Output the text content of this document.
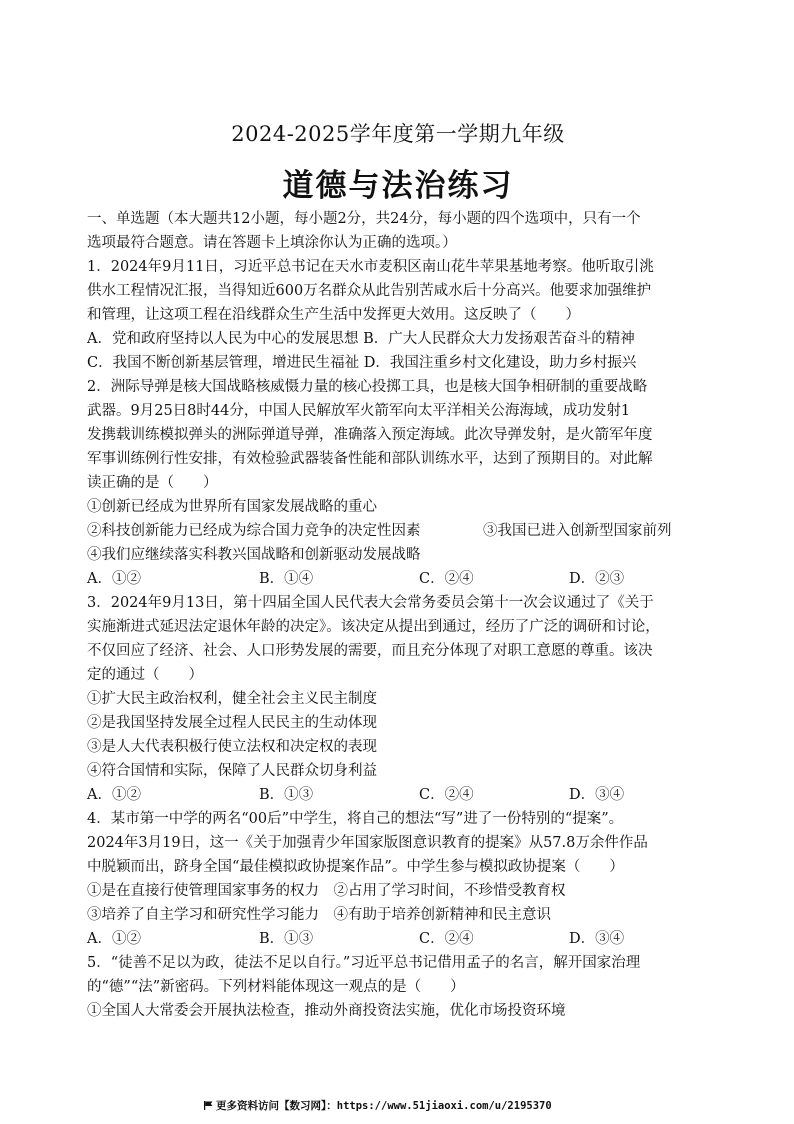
2024-2025学年度第一学期九年级
道德与法治练习
一、单选题（本大题共12小题，每小题2分，共24分，每小题的四个选项中，只有一个
选项最符合题意。请在答题卡上填涂你认为正确的选项。）
1．2024年9月11日，习近平总书记在天水市麦积区南山花牛苹果基地考察。他听取引洮
供水工程情况汇报，当得知近600万名群众从此告别苦咸水后十分高兴。他要求加强维护
和管理，让这项工程在沿线群众生产生活中发挥更大效用。这反映了（　　）
A．党和政府坚持以人民为中心的发展思想 B．广大人民群众大力发扬艰苦奋斗的精神
C．我国不断创新基层管理，增进民生福祉 D．我国注重乡村文化建设，助力乡村振兴
2．洲际导弹是核大国战略核威慑力量的核心投掷工具，也是核大国争相研制的重要战略
武器。9月25日8时44分，中国人民解放军火箭军向太平洋相关公海海域，成功发射1
发携载训练模拟弹头的洲际弹道导弹，准确落入预定海域。此次导弹发射，是火箭军年度
军事训练例行性安排，有效检验武器装备性能和部队训练水平，达到了预期目的。对此解
读正确的是（　　）
①创新已经成为世界所有国家发展战略的重心
②科技创新能力已经成为综合国力竞争的决定性因素	③我国已进入创新型国家前列
④我们应继续落实科教兴国战略和创新驱动发展战略
A．①②	B．①④	C．②④	D．②③
3．2024年9月13日，第十四届全国人民代表大会常务委员会第十一次会议通过了《关于
实施渐进式延迟法定退休年龄的决定》。该决定从提出到通过，经历了广泛的调研和讨论，
不仅回应了经济、社会、人口形势发展的需要，而且充分体现了对职工意愿的尊重。该决
定的通过（　　）
①扩大民主政治权利，健全社会主义民主制度
②是我国坚持发展全过程人民民主的生动体现
③是人大代表积极行使立法权和决定权的表现
④符合国情和实际，保障了人民群众切身利益
A．①②	B．①③	C．②④	D．③④
4．某市第一中学的两名“00后”中学生，将自己的想法“写”进了一份特别的“提案”。
2024年3月19日，这一《关于加强青少年国家版图意识教育的提案》从57.8万余件作品
中脱颖而出，跻身全国“最佳模拟政协提案作品”。中学生参与模拟政协提案（　　）
①是在直接行使管理国家事务的权力　②占用了学习时间，不珍惜受教育权
③培养了自主学习和研究性学习能力　④有助于培养创新精神和民主意识
A．①②	B．①③	C．②④	D．③④
5．“徒善不足以为政，徒法不足以自行。”习近平总书记借用孟子的名言，解开国家治理
的“德”“法”新密码。下列材料能体现这一观点的是（　　）
①全国人大常委会开展执法检查，推动外商投资法实施，优化市场投资环境
更多资料访问【数习网】：https://www.51jiaoxi.com/u/2195370
